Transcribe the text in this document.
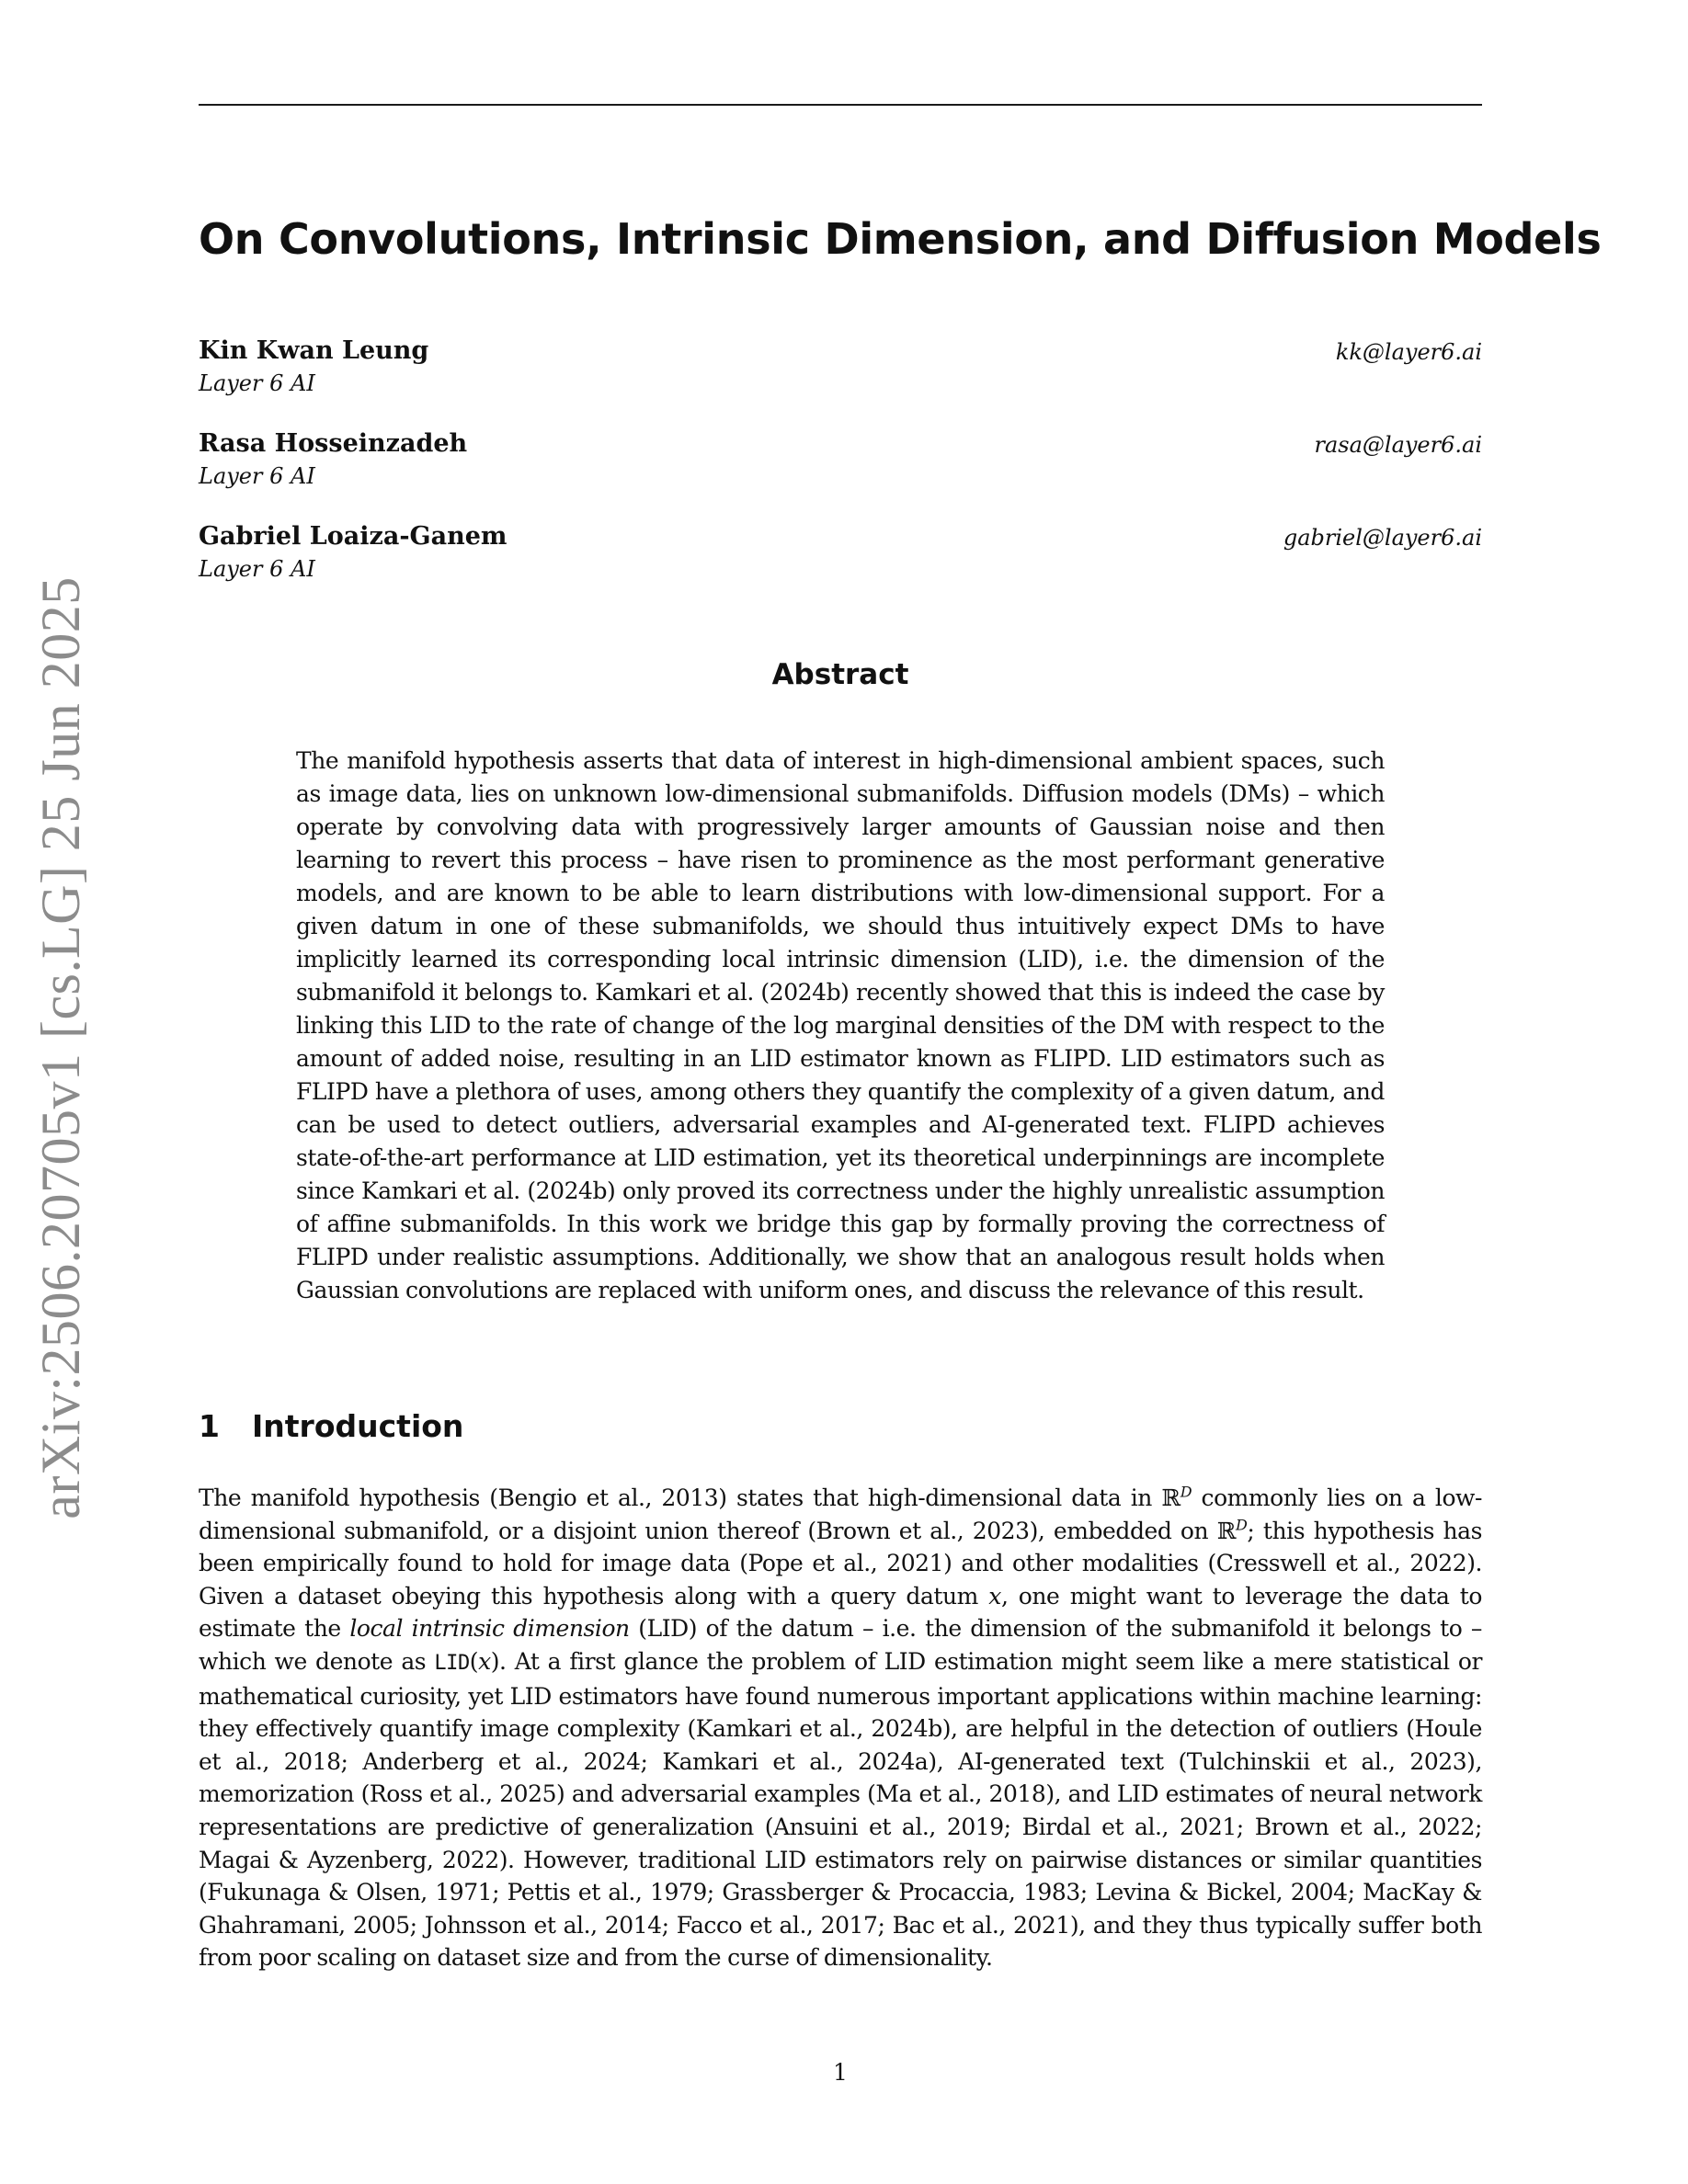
arXiv:2506.20705v1 [cs.LG] 25 Jun 2025
On Convolutions, Intrinsic Dimension, and Diffusion Models
Kin Kwan Leung	kk@layer6.ai
Layer 6 AI
Rasa Hosseinzadeh	rasa@layer6.ai
Layer 6 AI
Gabriel Loaiza-Ganem	gabriel@layer6.ai
Layer 6 AI
Abstract

The manifold hypothesis asserts that data of interest in high-dimensional ambient spaces, such as image data, lies on unknown low-dimensional submanifolds. Diffusion models (DMs) – which operate by convolving data with progressively larger amounts of Gaussian noise and then learning to revert this process – have risen to prominence as the most performant generative models, and are known to be able to learn distributions with low-dimensional support. For a given datum in one of these submanifolds, we should thus intuitively expect DMs to have implicitly learned its corresponding local intrinsic dimension (LID), i.e. the dimension of the submanifold it belongs to. Kamkari et al. (2024b) recently showed that this is indeed the case by linking this LID to the rate of change of the log marginal densities of the DM with respect to the amount of added noise, resulting in an LID estimator known as FLIPD. LID estimators such as FLIPD have a plethora of uses, among others they quantify the complexity of a given datum, and can be used to detect outliers, adversarial examples and AI-generated text. FLIPD achieves state-of-the-art performance at LID estimation, yet its theoretical underpinnings are incomplete since Kamkari et al. (2024b) only proved its correctness under the highly unrealistic assumption of affine submanifolds. In this work we bridge this gap by formally proving the correctness of FLIPD under realistic assumptions. Additionally, we show that an analogous result holds when Gaussian convolutions are replaced with uniform ones, and discuss the relevance of this result.

1 Introduction

The manifold hypothesis (Bengio et al., 2013) states that high-dimensional data in ℝ$^D$ commonly lies on a low-dimensional submanifold, or a disjoint union thereof (Brown et al., 2023), embedded on ℝ$^D$; this hypothesis has been empirically found to hold for image data (Pope et al., 2021) and other modalities (Cresswell et al., 2022). Given a dataset obeying this hypothesis along with a query datum x, one might want to leverage the data to estimate the local intrinsic dimension (LID) of the datum – i.e. the dimension of the submanifold it belongs to – which we denote as LID(x). At a first glance the problem of LID estimation might seem like a mere statistical or mathematical curiosity, yet LID estimators have found numerous important applications within machine learning: they effectively quantify image complexity (Kamkari et al., 2024b), are helpful in the detection of outliers (Houle et al., 2018; Anderberg et al., 2024; Kamkari et al., 2024a), AI-generated text (Tulchinskii et al., 2023), memorization (Ross et al., 2025) and adversarial examples (Ma et al., 2018), and LID estimates of neural network representations are predictive of generalization (Ansuini et al., 2019; Birdal et al., 2021; Brown et al., 2022; Magai & Ayzenberg, 2022). However, traditional LID estimators rely on pairwise distances or similar quantities (Fukunaga & Olsen, 1971; Pettis et al., 1979; Grassberger & Procaccia, 1983; Levina & Bickel, 2004; MacKay & Ghahramani, 2005; Johnsson et al., 2014; Facco et al., 2017; Bac et al., 2021), and they thus typically suffer both from poor scaling on dataset size and from the curse of dimensionality.

1
